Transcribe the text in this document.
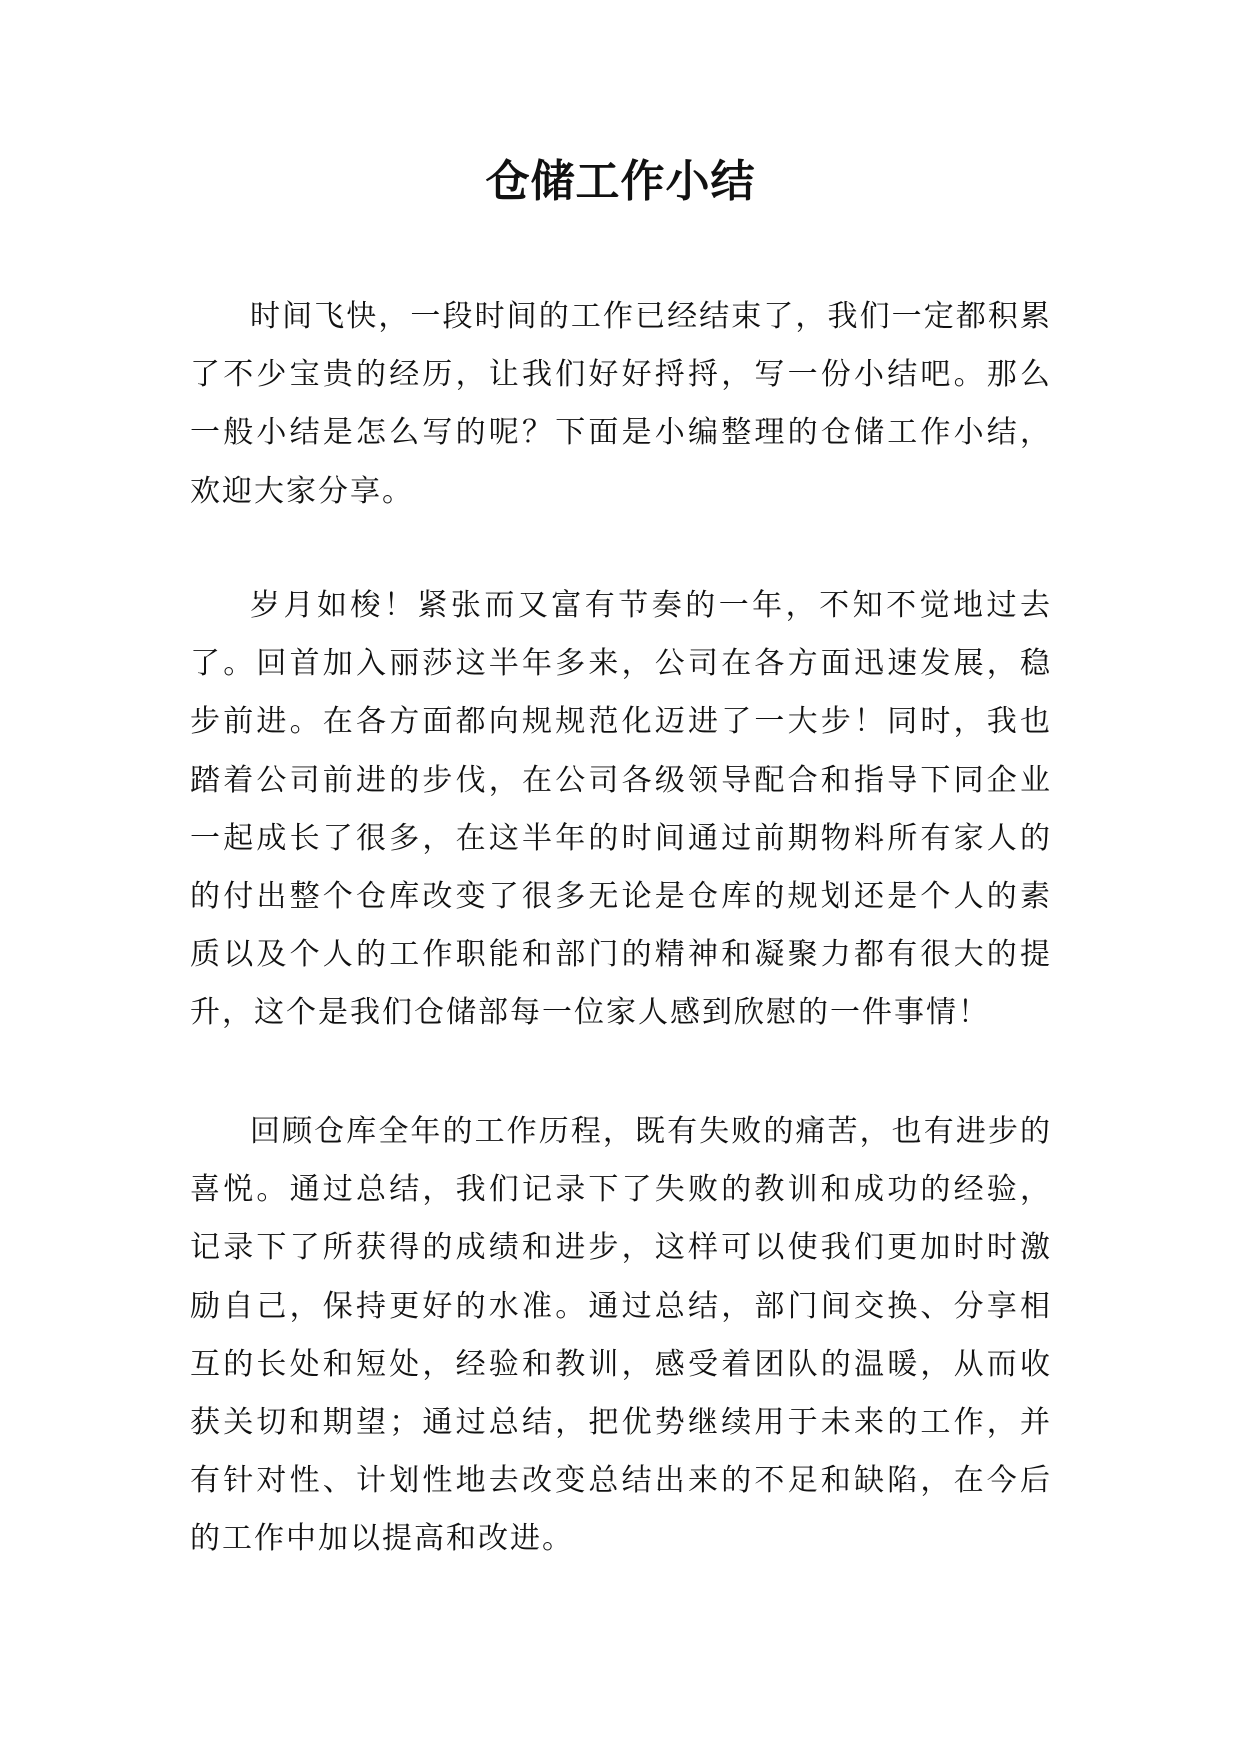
仓储工作小结

时间飞快，一段时间的工作已经结束了，我们一定都积累了不少宝贵的经历，让我们好好捋捋，写一份小结吧。那么一般小结是怎么写的呢？下面是小编整理的仓储工作小结，欢迎大家分享。

岁月如梭！紧张而又富有节奏的一年，不知不觉地过去了。回首加入丽莎这半年多来，公司在各方面迅速发展，稳步前进。在各方面都向规规范化迈进了一大步！同时，我也踏着公司前进的步伐，在公司各级领导配合和指导下同企业一起成长了很多，在这半年的时间通过前期物料所有家人的的付出整个仓库改变了很多无论是仓库的规划还是个人的素质以及个人的工作职能和部门的精神和凝聚力都有很大的提升，这个是我们仓储部每一位家人感到欣慰的一件事情！

回顾仓库全年的工作历程，既有失败的痛苦，也有进步的喜悦。通过总结，我们记录下了失败的教训和成功的经验，记录下了所获得的成绩和进步，这样可以使我们更加时时激励自己，保持更好的水准。通过总结，部门间交换、分享相互的长处和短处，经验和教训，感受着团队的温暖，从而收获关切和期望；通过总结，把优势继续用于未来的工作，并有针对性、计划性地去改变总结出来的不足和缺陷，在今后的工作中加以提高和改进。
